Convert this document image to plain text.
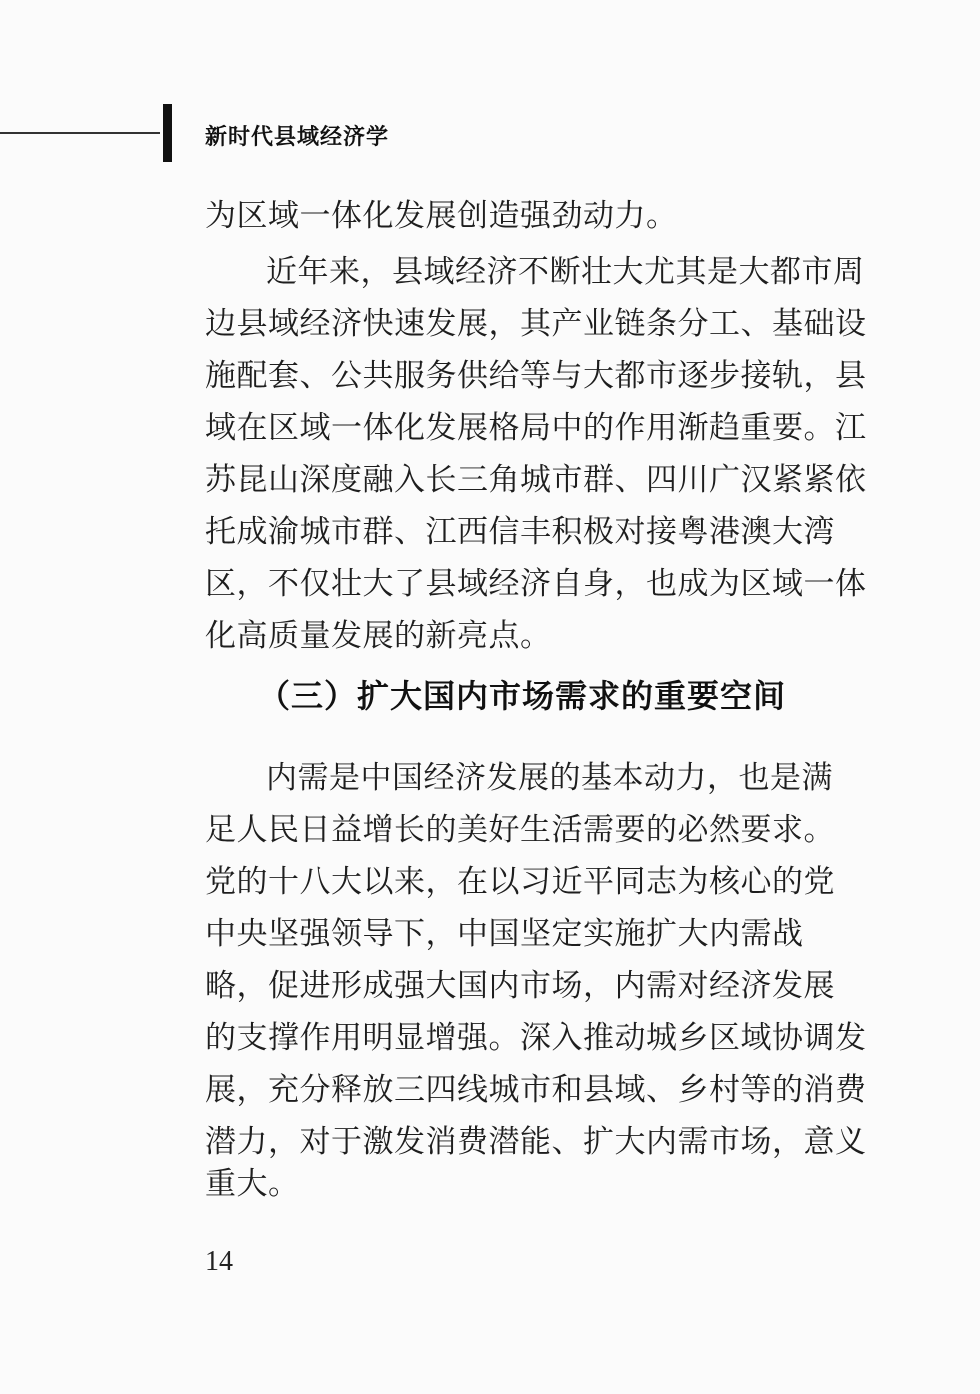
新时代县域经济学
为区域一体化发展创造强劲动力。
近年来，县域经济不断壮大尤其是大都市周
边县域经济快速发展，其产业链条分工、基础设
施配套、公共服务供给等与大都市逐步接轨，县
域在区域一体化发展格局中的作用渐趋重要。江
苏昆山深度融入长三角城市群、四川广汉紧紧依
托成渝城市群、江西信丰积极对接粤港澳大湾
区，不仅壮大了县域经济自身，也成为区域一体
化高质量发展的新亮点。
（三）扩大国内市场需求的重要空间
内需是中国经济发展的基本动力，也是满
足人民日益增长的美好生活需要的必然要求。
党的十八大以来，在以习近平同志为核心的党
中央坚强领导下，中国坚定实施扩大内需战
略，促进形成强大国内市场，内需对经济发展
的支撑作用明显增强。深入推动城乡区域协调发
展，充分释放三四线城市和县域、乡村等的消费
潜力，对于激发消费潜能、扩大内需市场，意义
重大。
14
